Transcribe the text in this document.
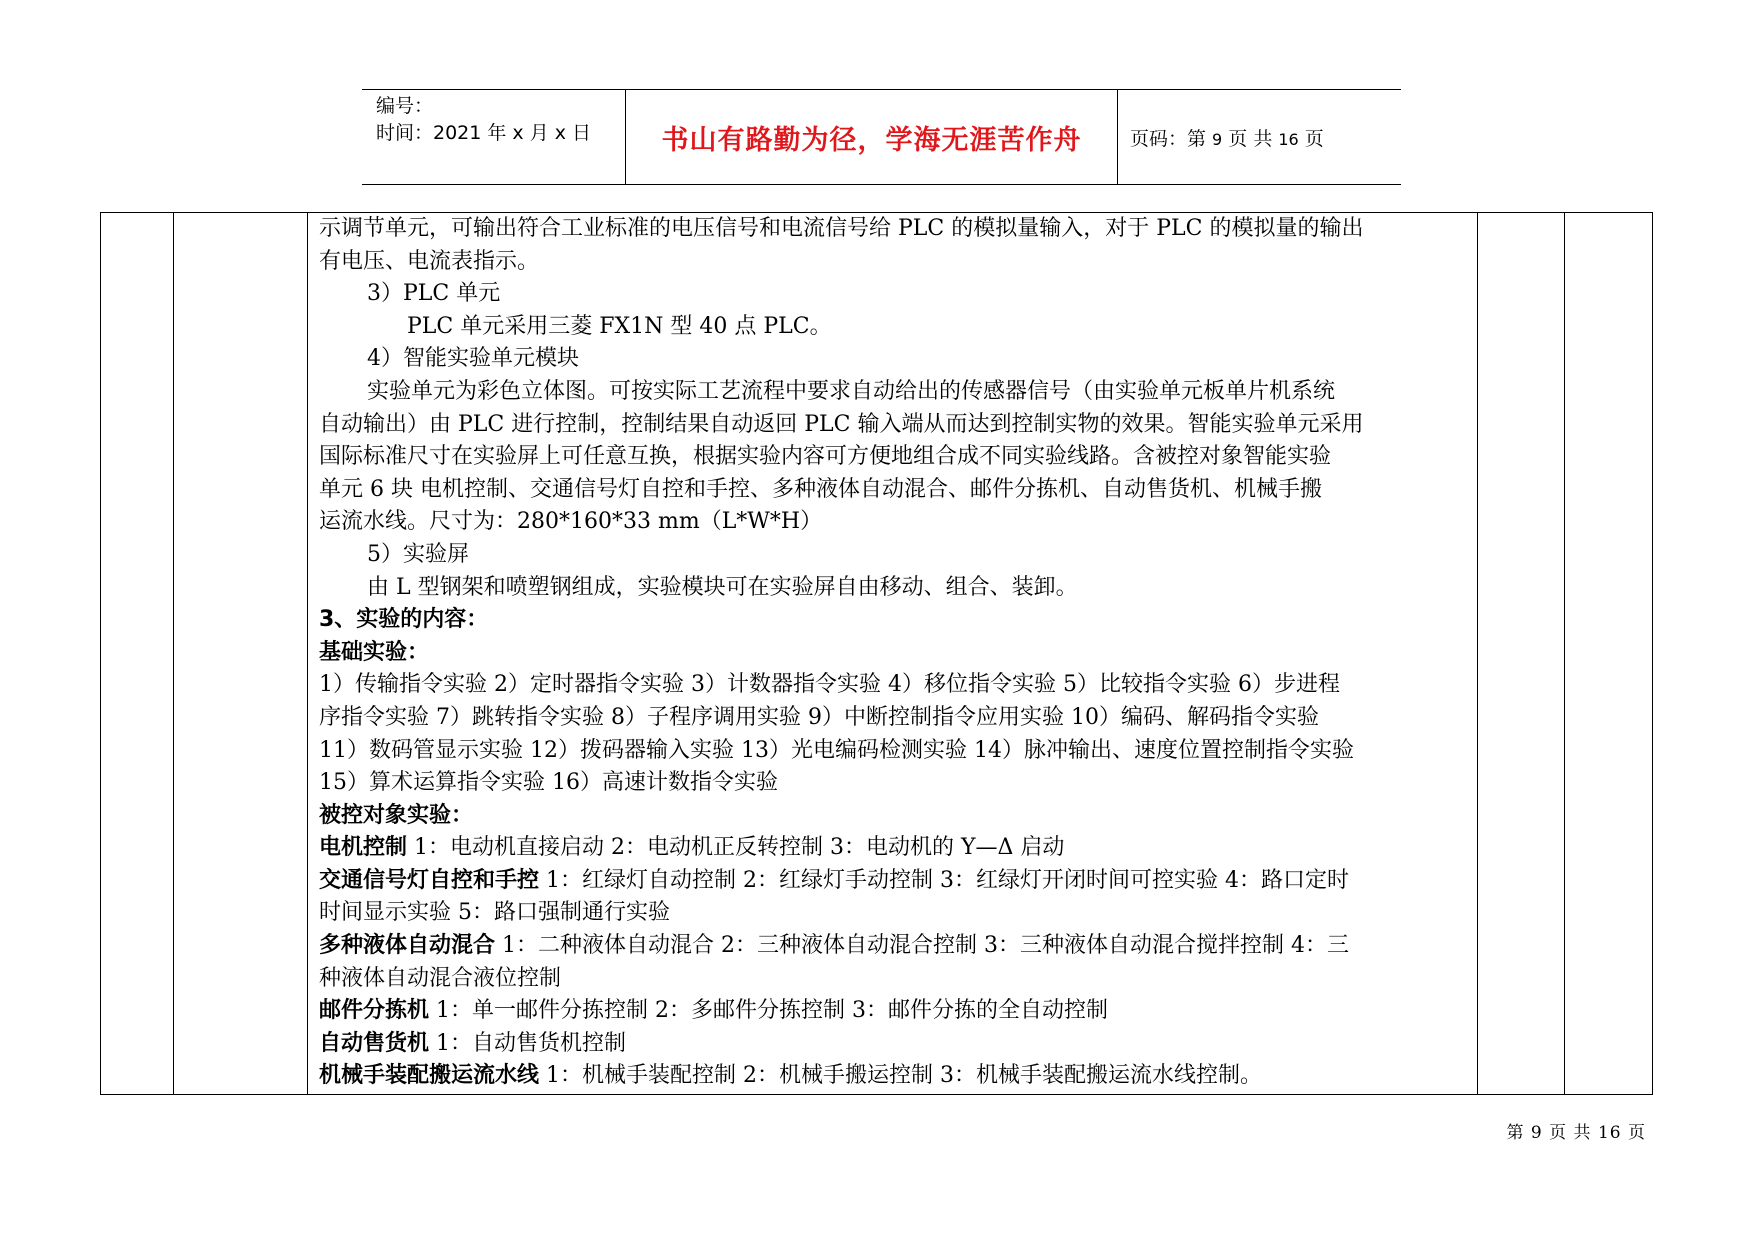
编号：
时间：2021 年 x 月 x 日	书山有路勤为径，学海无涯苦作舟	页码：第 9 页 共 16 页

示调节单元，可输出符合工业标准的电压信号和电流信号给 PLC 的模拟量输入，对于 PLC 的模拟量的输出

有电压、电流表指示。

3）PLC 单元

PLC 单元采用三菱 FX1N 型 40 点 PLC。

4）智能实验单元模块

实验单元为彩色立体图。可按实际工艺流程中要求自动给出的传感器信号（由实验单元板单片机系统

自动输出）由 PLC 进行控制，控制结果自动返回 PLC 输入端从而达到控制实物的效果。智能实验单元采用

国际标准尺寸在实验屏上可任意互换，根据实验内容可方便地组合成不同实验线路。含被控对象智能实验

单元 6 块 电机控制、交通信号灯自控和手控、多种液体自动混合、邮件分拣机、自动售货机、机械手搬

运流水线。尺寸为：280*160*33 mm（L*W*H）

5）实验屏

由 L 型钢架和喷塑钢组成，实验模块可在实验屏自由移动、组合、装卸。

3、实验的内容：

基础实验：

1）传输指令实验 2）定时器指令实验 3）计数器指令实验 4）移位指令实验 5）比较指令实验 6）步进程

序指令实验 7）跳转指令实验 8）子程序调用实验 9）中断控制指令应用实验 10）编码、解码指令实验

11）数码管显示实验 12）拨码器输入实验 13）光电编码检测实验 14）脉冲输出、速度位置控制指令实验

15）算术运算指令实验 16）高速计数指令实验

被控对象实验：

电机控制 1：电动机直接启动 2：电动机正反转控制 3：电动机的 Y—Δ 启动

交通信号灯自控和手控 1：红绿灯自动控制 2：红绿灯手动控制 3：红绿灯开闭时间可控实验 4：路口定时

时间显示实验 5：路口强制通行实验

多种液体自动混合 1：二种液体自动混合 2：三种液体自动混合控制 3：三种液体自动混合搅拌控制 4：三

种液体自动混合液位控制

邮件分拣机 1：单一邮件分拣控制 2：多邮件分拣控制 3：邮件分拣的全自动控制

自动售货机 1：自动售货机控制

机械手装配搬运流水线 1：机械手装配控制 2：机械手搬运控制 3：机械手装配搬运流水线控制。

第 9 页 共 16 页
